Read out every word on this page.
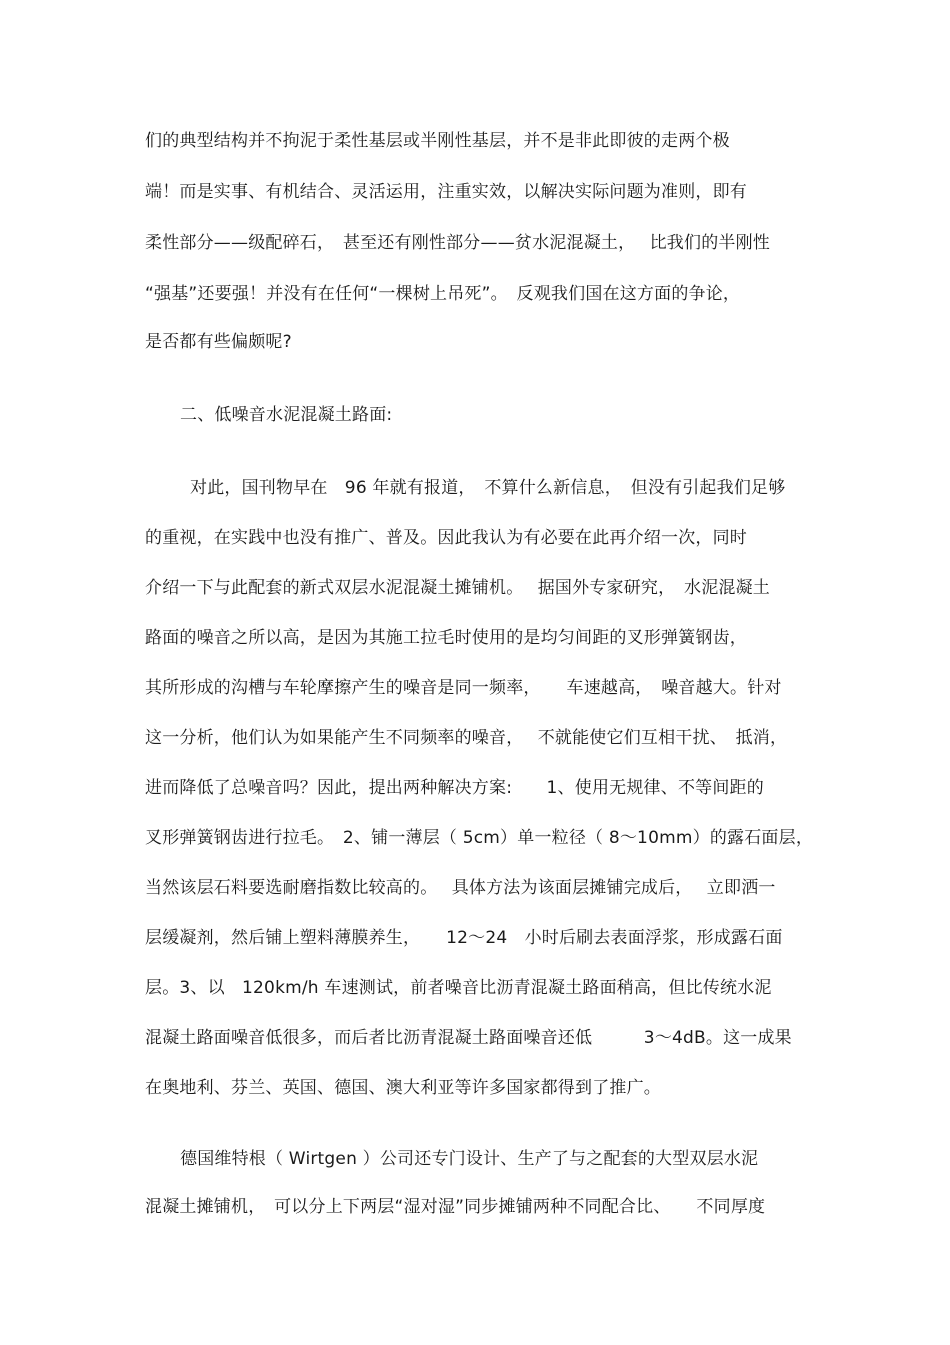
们的典型结构并不拘泥于柔性基层或半刚性基层，并不是非此即彼的走两个极
端！而是实事、有机结合、灵活运用，注重实效，以解决实际问题为准则，即有
柔性部分——级配碎石，　甚至还有刚性部分——贫水泥混凝土，　 比我们的半刚性
“强基”还要强！并没有在任何“一棵树上吊死”。　反观我们国在这方面的争论，
是否都有些偏颇呢?
二、低噪音水泥混凝土路面:
对此，国刊物早在　96 年就有报道，　不算什么新信息，　但没有引起我们足够
的重视，在实践中也没有推广、普及。因此我认为有必要在此再介绍一次，同时
介绍一下与此配套的新式双层水泥混凝土摊铺机。　 据国外专家研究，　水泥混凝土
路面的噪音之所以高，是因为其施工拉毛时使用的是均匀间距的叉形弹簧钢齿，
其所形成的沟槽与车轮摩擦产生的噪音是同一频率，　　车速越高，　噪音越大。针对
这一分析，他们认为如果能产生不同频率的噪音，　 不就能使它们互相干扰、　抵消，
进而降低了总噪音吗？因此，提出两种解决方案:　　1、使用无规律、不等间距的
叉形弹簧钢齿进行拉毛。　2、铺一薄层（ 5cm）单一粒径（ 8～10mm）的露石面层，
当然该层石料要选耐磨指数比较高的。　 具体方法为该面层摊铺完成后，　 立即洒一
层缓凝剂，然后铺上塑料薄膜养生，　　12～24　小时后刷去表面浮浆，形成露石面
层。3、以　120km/h 车速测试，前者噪音比沥青混凝土路面稍高，但比传统水泥
混凝土路面噪音低很多，而后者比沥青混凝土路面噪音还低　　　3～4dB。这一成果
在奥地利、芬兰、英国、德国、澳大利亚等许多国家都得到了推广。
德国维特根（ Wirtgen ）公司还专门设计、生产了与之配套的大型双层水泥
混凝土摊铺机，　可以分上下两层“湿对湿”同步摊铺两种不同配合比、　　不同厚度
